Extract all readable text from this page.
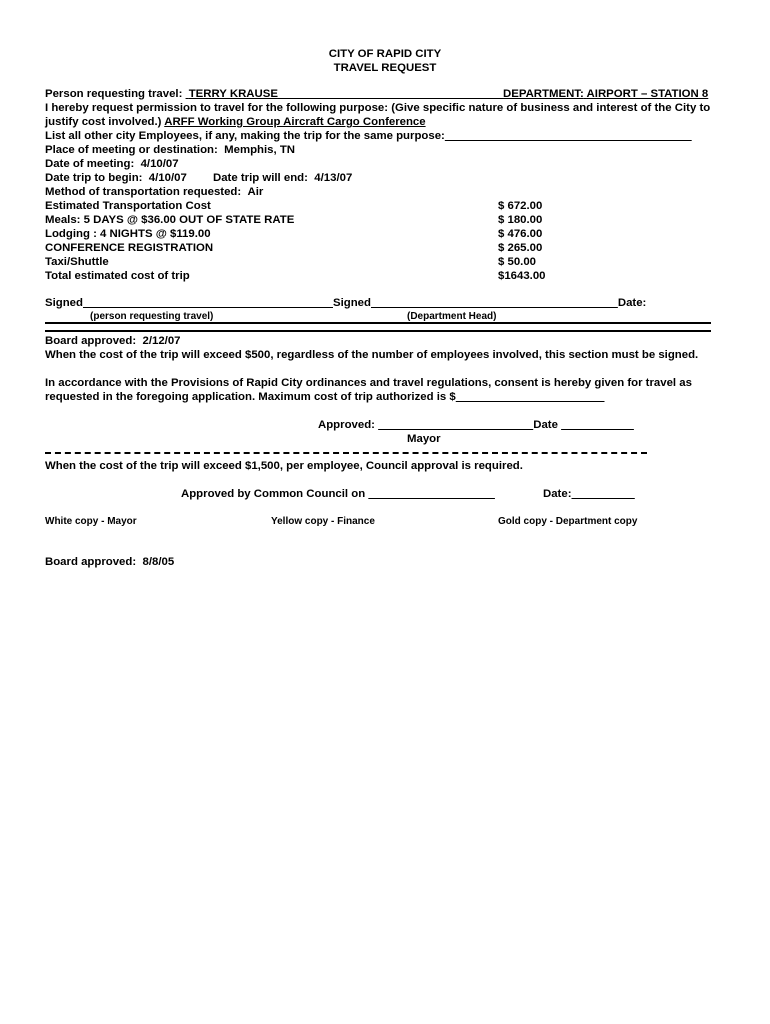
CITY OF RAPID CITY
TRAVEL REQUEST
Person requesting travel: TERRY KRAUSE	DEPARTMENT: AIRPORT – STATION 8
I hereby request permission to travel for the following purpose: (Give specific nature of business and interest of the City to
justify cost involved.) ARFF Working Group Aircraft Cargo Conference
List all other city Employees, if any, making the trip for the same purpose:
Place of meeting or destination: Memphis, TN
Date of meeting: 4/10/07
Date trip to begin: 4/10/07 Date trip will end: 4/13/07
Method of transportation requested: Air
Estimated Transportation Cost	$ 672.00
Meals: 5 DAYS @ $36.00 OUT OF STATE RATE	$ 180.00
Lodging : 4 NIGHTS @ $119.00	$ 476.00
CONFERENCE REGISTRATION	$ 265.00
Taxi/Shuttle	$ 50.00
Total estimated cost of trip	$1643.00
Signed	Signed	Date:
(person requesting travel)	(Department Head)
Board approved: 2/12/07
When the cost of the trip will exceed $500, regardless of the number of employees involved, this section must be signed.
In accordance with the Provisions of Rapid City ordinances and travel regulations, consent is hereby given for travel as
requested in the foregoing application. Maximum cost of trip authorized is $
Approved:	Date
Mayor
When the cost of the trip will exceed $1,500, per employee, Council approval is required.
Approved by Common Council on	Date:
White copy - Mayor	Yellow copy - Finance	Gold copy - Department copy
Board approved: 8/8/05
